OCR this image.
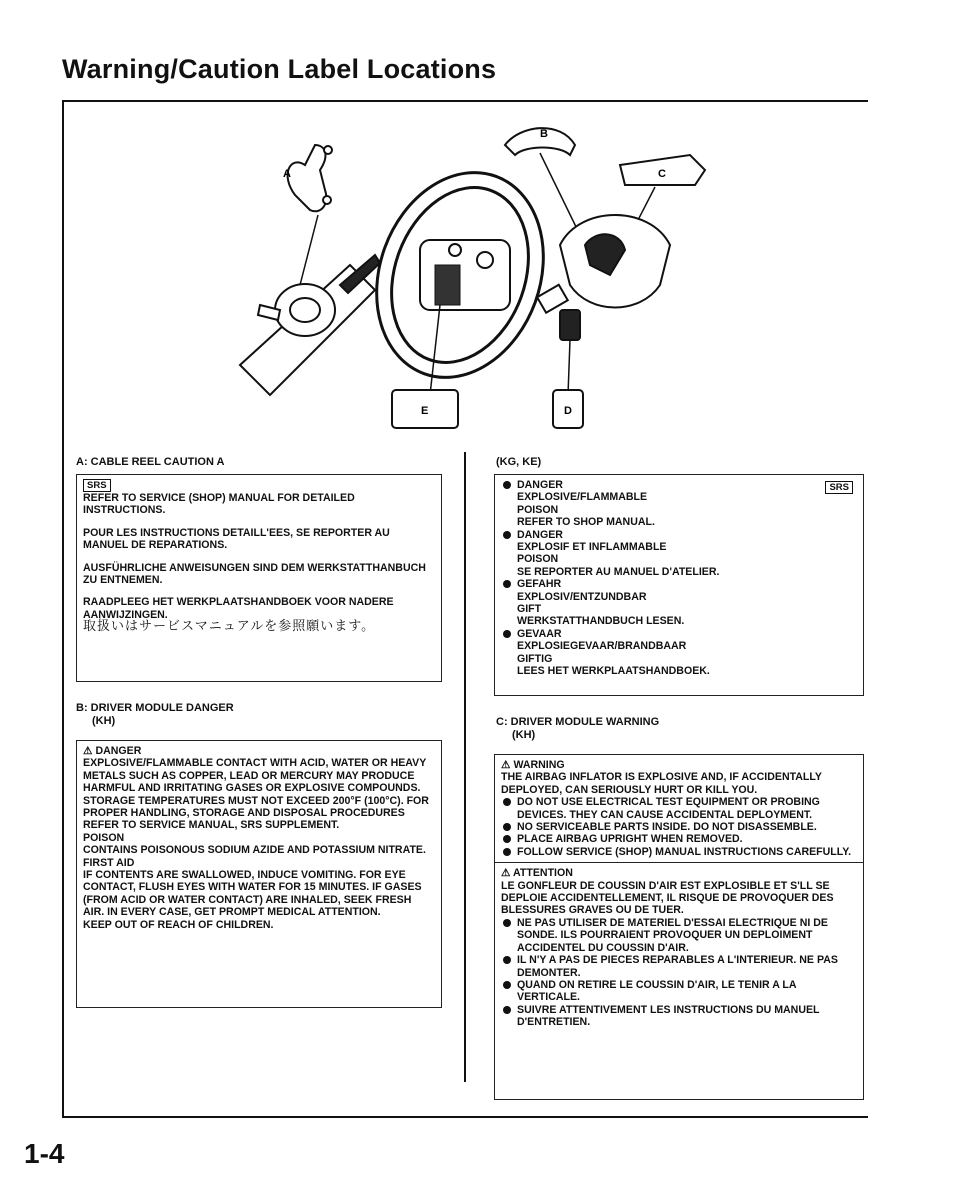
Warning/Caution Label Locations
A
B
C
E	D
A: CABLE REEL CAUTION A
SRS

REFER TO SERVICE (SHOP) MANUAL FOR DETAILED INSTRUCTIONS.

POUR LES INSTRUCTIONS DETAILL'EES, SE REPORTER AU MANUEL DE REPARATIONS.

AUSFÜHRLICHE ANWEISUNGEN SIND DEM WERKSTATTHANBUCH ZU ENTNEMEN.

RAADPLEEG HET WERKPLAATSHANDBOEK VOOR NADERE AANWIJZINGEN.

取扱いはサービスマニュアルを参照願います。

B: DRIVER MODULE DANGER
(KH)

⚠ DANGER

EXPLOSIVE/FLAMMABLE CONTACT WITH ACID, WATER OR HEAVY METALS SUCH AS COPPER, LEAD OR MERCURY MAY PRODUCE HARMFUL AND IRRITATING GASES OR EXPLOSIVE COMPOUNDS. STORAGE TEMPERATURES MUST NOT EXCEED 200°F (100°C). FOR PROPER HANDLING, STORAGE AND DISPOSAL PROCEDURES REFER TO SERVICE MANUAL, SRS SUPPLEMENT.

POISON

CONTAINS POISONOUS SODIUM AZIDE AND POTASSIUM NITRATE.

FIRST AID

IF CONTENTS ARE SWALLOWED, INDUCE VOMITING. FOR EYE CONTACT, FLUSH EYES WITH WATER FOR 15 MINUTES. IF GASES (FROM ACID OR WATER CONTACT) ARE INHALED, SEEK FRESH AIR. IN EVERY CASE, GET PROMPT MEDICAL ATTENTION.

KEEP OUT OF REACH OF CHILDREN.

(KG, KE)
SRS

DANGER

EXPLOSIVE/FLAMMABLE

POISON

REFER TO SHOP MANUAL.

DANGER

EXPLOSIF ET INFLAMMABLE

POISON

SE REPORTER AU MANUEL D'ATELIER.

GEFAHR

EXPLOSIV/ENTZUNDBAR

GIFT

WERKSTATTHANDBUCH LESEN.

GEVAAR

EXPLOSIEGEVAAR/BRANDBAAR

GIFTIG

LEES HET WERKPLAATSHANDBOEK.

C: DRIVER MODULE WARNING
(KH)

⚠ WARNING

THE AIRBAG INFLATOR IS EXPLOSIVE AND, IF ACCIDENTALLY DEPLOYED, CAN SERIOUSLY HURT OR KILL YOU.

DO NOT USE ELECTRICAL TEST EQUIPMENT OR PROBING DEVICES. THEY CAN CAUSE ACCIDENTAL DEPLOYMENT.
NO SERVICEABLE PARTS INSIDE. DO NOT DISASSEMBLE.
PLACE AIRBAG UPRIGHT WHEN REMOVED.
FOLLOW SERVICE (SHOP) MANUAL INSTRUCTIONS CAREFULLY.

⚠ ATTENTION

LE GONFLEUR DE COUSSIN D'AIR EST EXPLOSIBLE ET S'LL SE DEPLOIE ACCIDENTELLEMENT, IL RISQUE DE PROVOQUER DES BLESSURES GRAVES OU DE TUER.

NE PAS UTILISER DE MATERIEL D'ESSAI ELECTRIQUE NI DE SONDE. ILS POURRAIENT PROVOQUER UN DEPLOIMENT ACCIDENTEL DU COUSSIN D'AIR.
IL N'Y A PAS DE PIECES REPARABLES A L'INTERIEUR. NE PAS DEMONTER.
QUAND ON RETIRE LE COUSSIN D'AIR, LE TENIR A LA VERTICALE.
SUIVRE ATTENTIVEMENT LES INSTRUCTIONS DU MANUEL D'ENTRETIEN.
1-4
